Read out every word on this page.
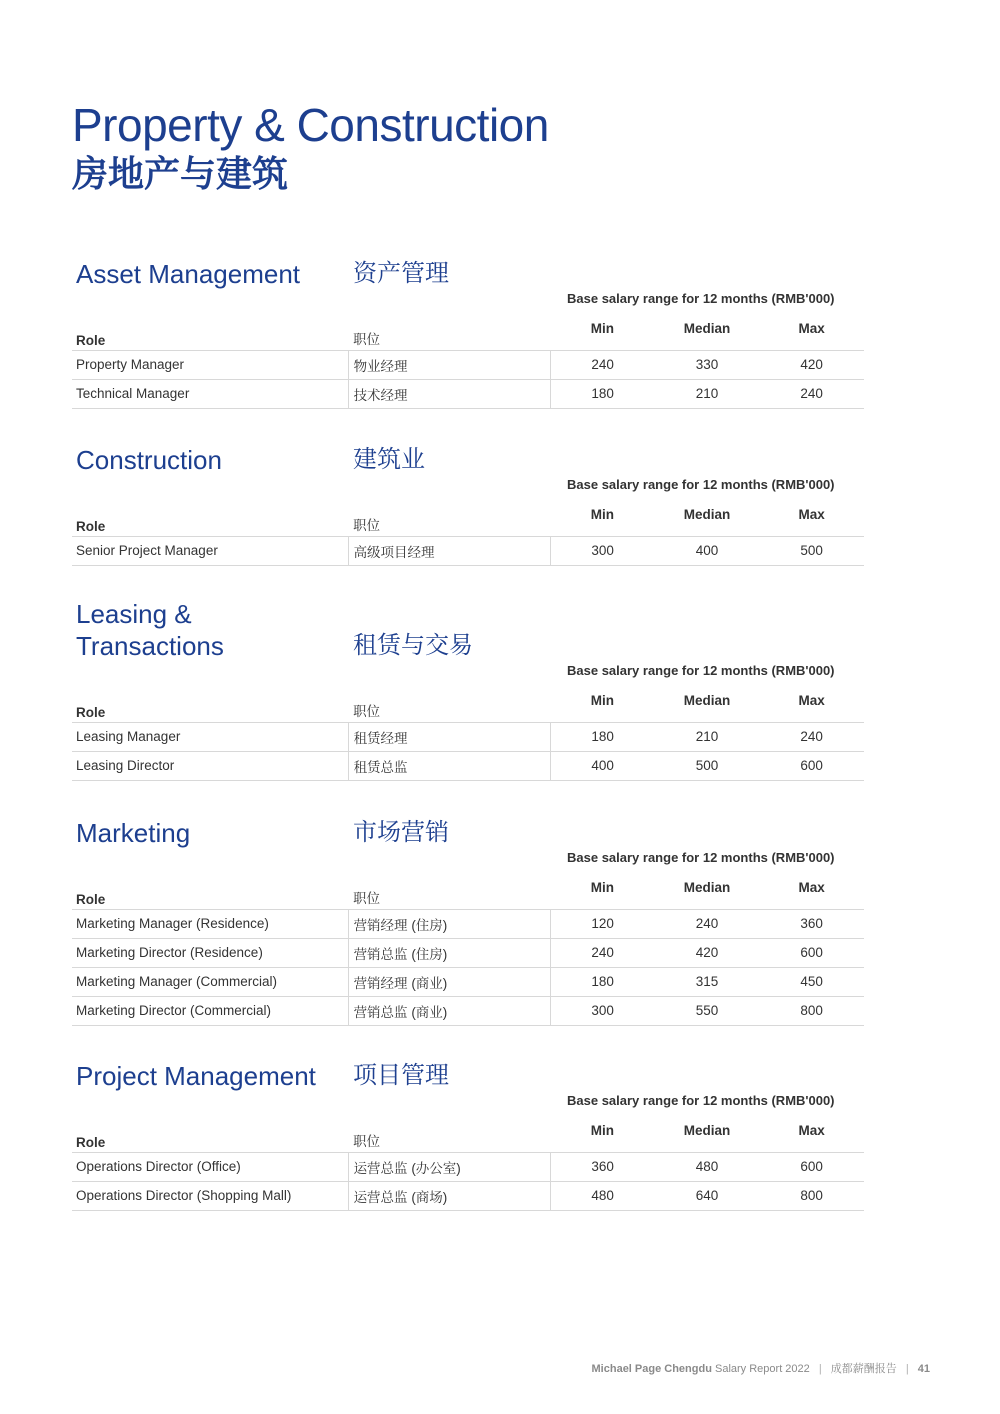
Property & Construction
房地产与建筑
Asset Management 资产管理
Base salary range for 12 months (RMB'000)
Role	职位	Min	Median	Max
Property Manager	物业经理	240	330	420
Technical Manager	技术经理	180	210	240
Construction	建筑业
Base salary range for 12 months (RMB'000)
Role	职位	Min	Median	Max
Senior Project Manager	高级项目经理	300	400	500
Leasing &
Transactions	租赁与交易
Base salary range for 12 months (RMB'000)
Role	职位	Min	Median	Max
Leasing Manager	租赁经理	180	210	240
Leasing Director	租赁总监	400	500	600
Marketing	市场营销
Base salary range for 12 months (RMB'000)
Role	职位	Min	Median	Max
Marketing Manager (Residence)	营销经理 (住房)	120	240	360
Marketing Director (Residence)	营销总监 (住房)	240	420	600
Marketing Manager (Commercial)	营销经理 (商业)	180	315	450
Marketing Director (Commercial)	营销总监 (商业)	300	550	800
Project Management 项目管理
Base salary range for 12 months (RMB'000)
Role	职位	Min	Median	Max
Operations Director (Office)	运营总监 (办公室)	360	480	600
Operations Director (Shopping Mall)	运营总监 (商场)	480	640	800
Michael Page Chengdu Salary Report 2022 | 成都薪酬报告 | 41
